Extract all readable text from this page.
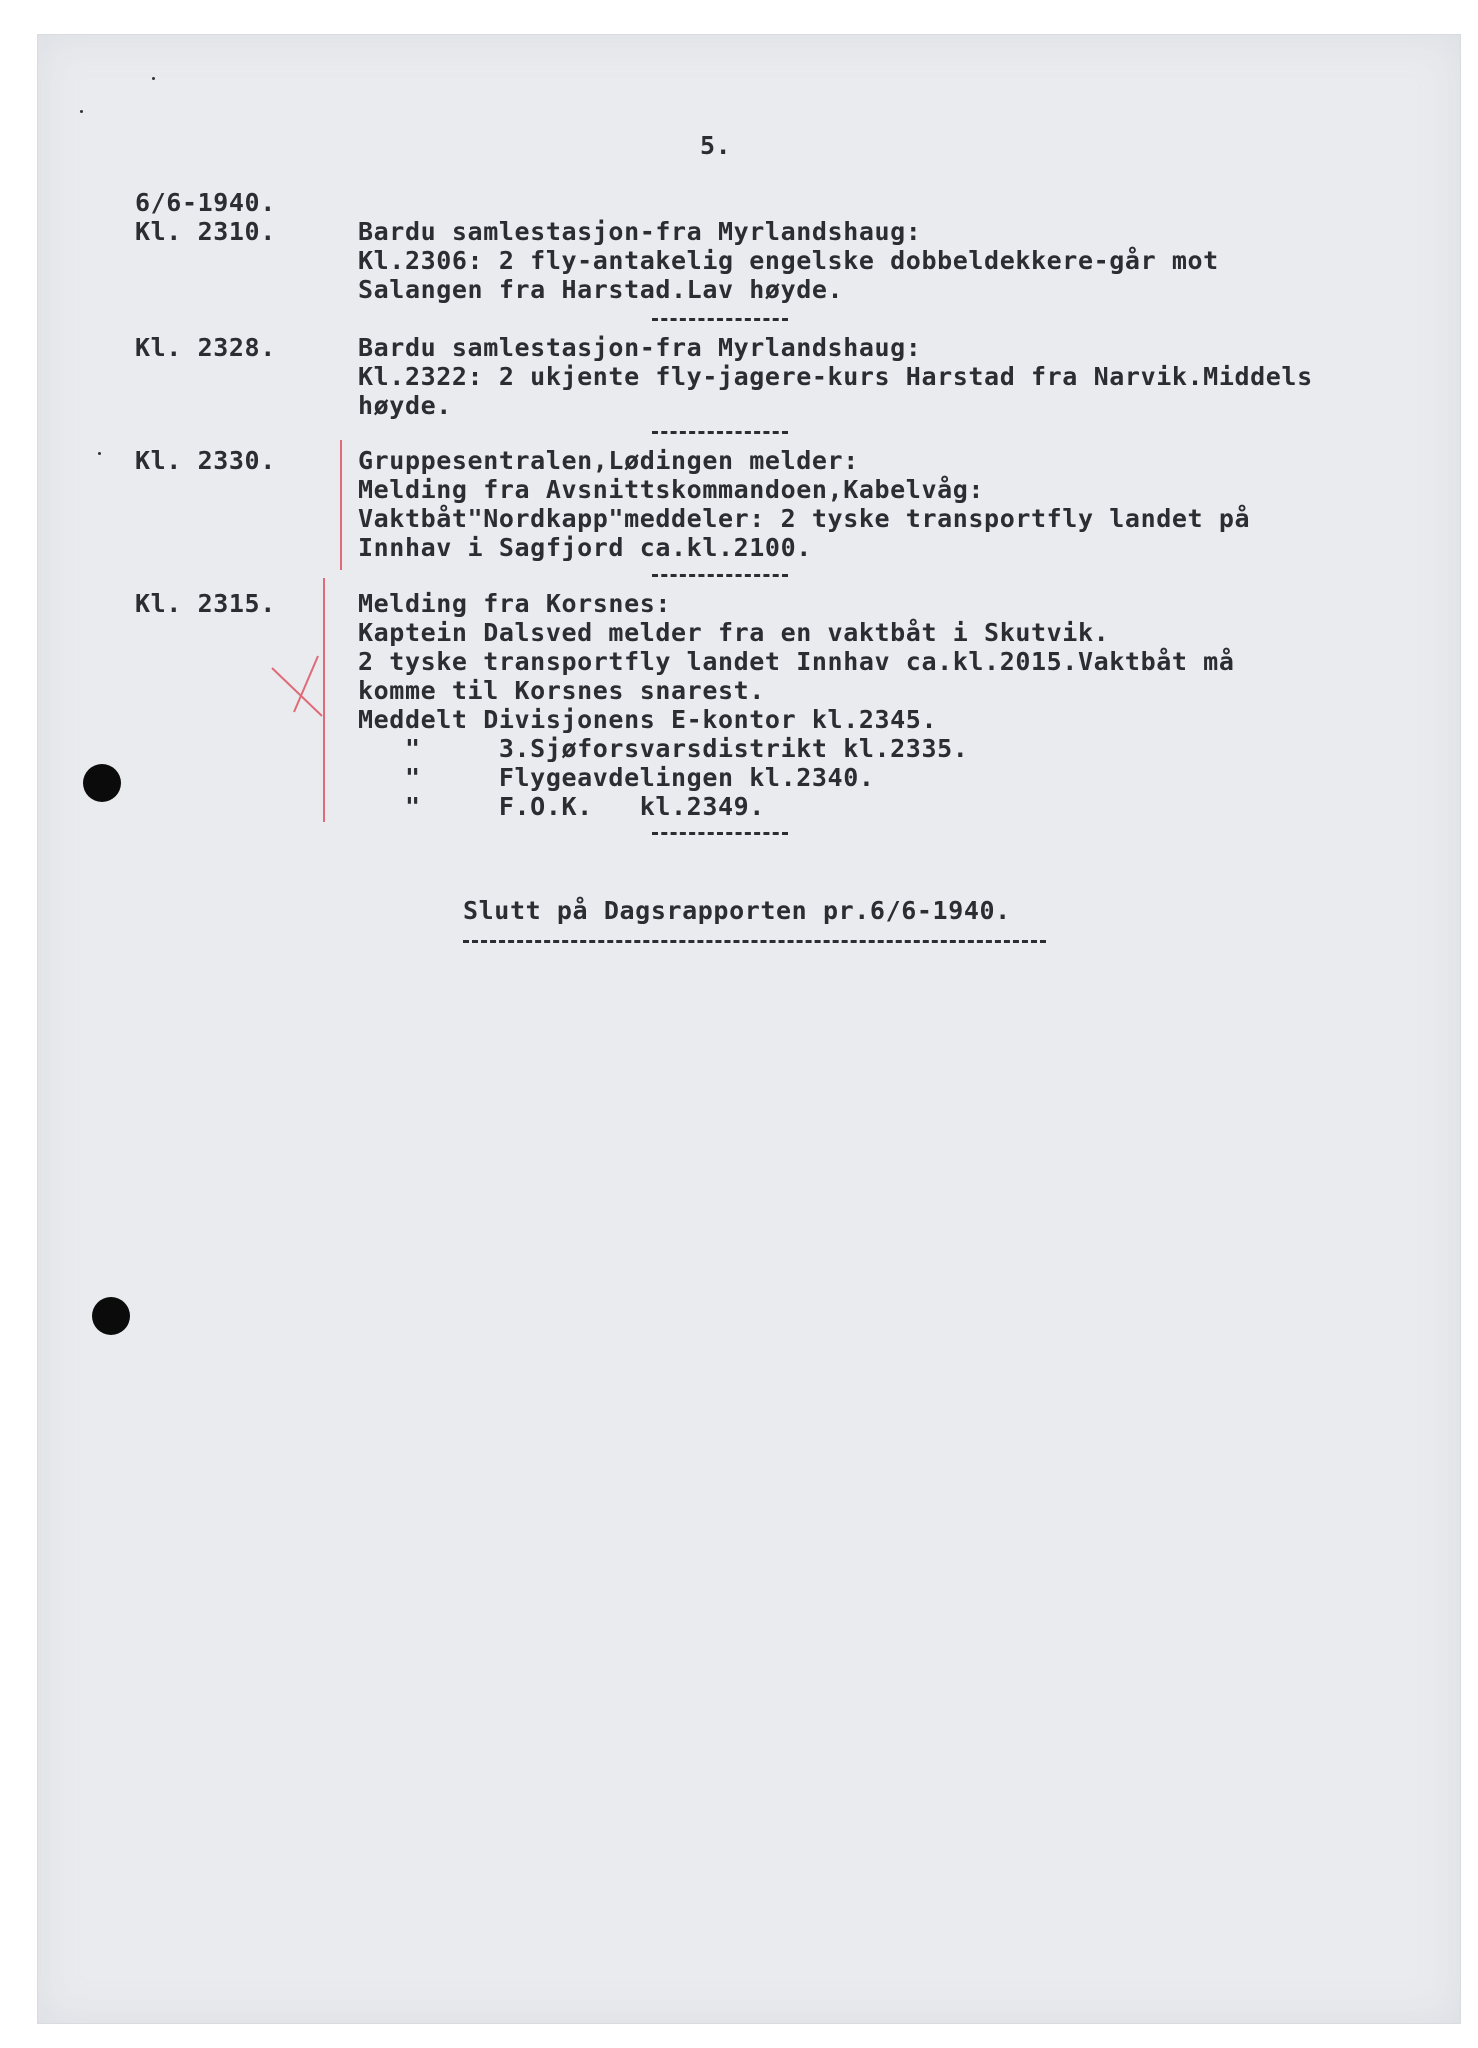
5.
6/6-1940.
Kl. 2310.	Bardu samlestasjon-fra Myrlandshaug:
Kl.2306: 2 fly-antakelig engelske dobbeldekkere-går mot
Salangen fra Harstad.Lav høyde.
Kl. 2328.	Bardu samlestasjon-fra Myrlandshaug:
Kl.2322: 2 ukjente fly-jagere-kurs Harstad fra Narvik.Middels
høyde.
Kl. 2330.	Gruppesentralen,Lødingen melder:
Melding fra Avsnittskommandoen,Kabelvåg:
Vaktbåt"Nordkapp"meddeler: 2 tyske transportfly landet på
Innhav i Sagfjord ca.kl.2100.
Kl. 2315.	Melding fra Korsnes:
Kaptein Dalsved melder fra en vaktbåt i Skutvik.
2 tyske transportfly landet Innhav ca.kl.2015.Vaktbåt må
komme til Korsnes snarest.
Meddelt Divisjonens E-kontor kl.2345.
"     3.Sjøforsvarsdistrikt kl.2335.
"     Flygeavdelingen kl.2340.
"     F.O.K.   kl.2349.
Slutt på Dagsrapporten pr.6/6-1940.
